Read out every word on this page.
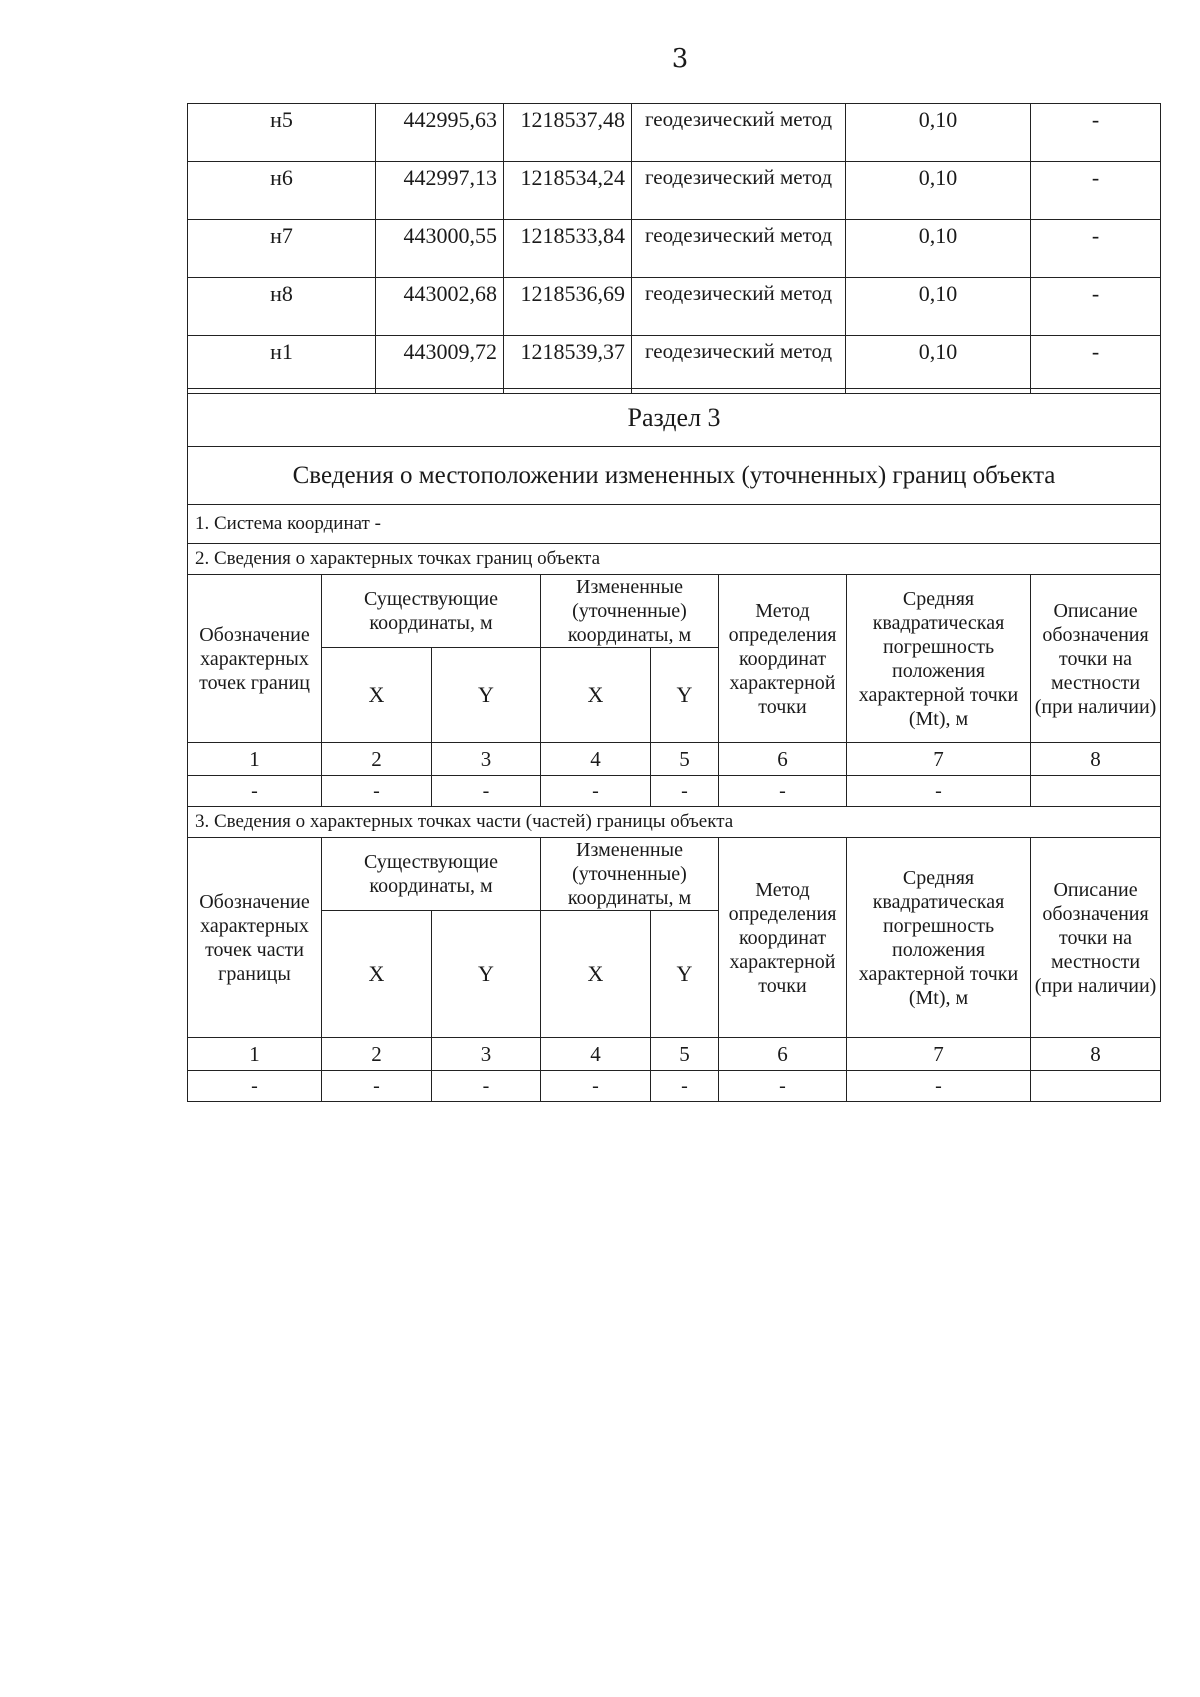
3
н5	442995,63	1218537,48	геодезический метод	0,10	-
н6	442997,13	1218534,24	геодезический метод	0,10	-
н7	443000,55	1218533,84	геодезический метод	0,10	-
н8	443002,68	1218536,69	геодезический метод	0,10	-
н1	443009,72	1218539,37	геодезический метод	0,10	-
Раздел 3							
Сведения о местоположении измененных (уточненных) границ объекта							
1. Система координат -							
2. Сведения о характерных точках границ объекта							
Обозначение характерных точек границ	Существующие координаты, м		Измененные (уточненные) координаты, м		Метод определения координат характерной точки	Средняя квадратическая погрешность положения характерной точки (Mt), м	Описание обозначения точки на местности (при наличии)
	X	Y	X	Y			
1	2	3	4	5	6	7	8
-	-	-	-	-	-	-	
3. Сведения о характерных точках части (частей) границы объекта							
Обозначение характерных точек части границы	Существующие координаты, м		Измененные (уточненные) координаты, м		Метод определения координат характерной точки	Средняя квадратическая погрешность положения характерной точки (Mt), м	Описание обозначения точки на местности (при наличии)
	X	Y	X	Y			
1	2	3	4	5	6	7	8
-	-	-	-	-	-	-	
